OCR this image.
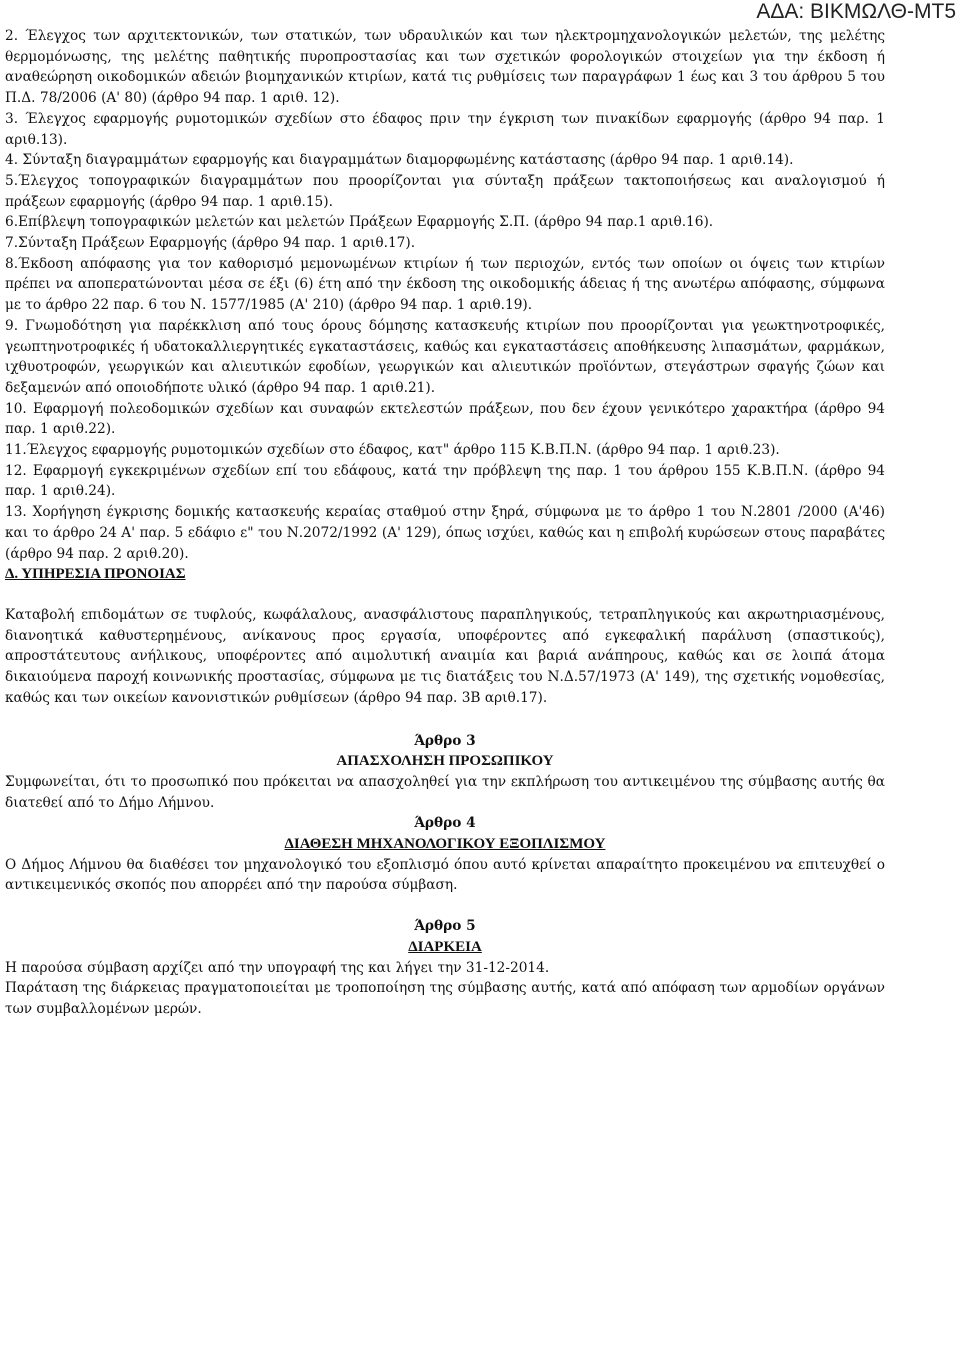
ΑΔΑ: ΒΙΚΜΩΛΘ-ΜΤ5

2. Έλεγχος των αρχιτεκτονικών, των στατικών, των υδραυλικών και των ηλεκτρομηχανολογικών μελετών, της μελέτης θερμομόνωσης, της μελέτης παθητικής πυροπροστασίας και των σχετικών φορολογικών στοιχείων για την έκδοση ή αναθεώρηση οικοδομικών αδειών βιομηχανικών κτιρίων, κατά τις ρυθμίσεις των παραγράφων 1 έως και 3 του άρθρου 5 του Π.Δ. 78/2006 (Α' 80) (άρθρο 94 παρ. 1 αριθ. 12).

3. Έλεγχος εφαρμογής ρυμοτομικών σχεδίων στο έδαφος πριν την έγκριση των πινακίδων εφαρμογής (άρθρο 94 παρ. 1 αριθ.13).

4. Σύνταξη διαγραμμάτων εφαρμογής και διαγραμμάτων διαμορφωμένης κατάστασης (άρθρο 94 παρ. 1 αριθ.14).

5.Έλεγχος τοπογραφικών διαγραμμάτων που προορίζονται για σύνταξη πράξεων τακτοποιήσεως και αναλογισμού ή πράξεων εφαρμογής (άρθρο 94 παρ. 1 αριθ.15).

6.Επίβλεψη τοπογραφικών μελετών και μελετών Πράξεων Εφαρμογής Σ.Π. (άρθρο 94 παρ.1 αριθ.16).

7.Σύνταξη Πράξεων Εφαρμογής (άρθρο 94 παρ. 1 αριθ.17).

8.Έκδοση απόφασης για τον καθορισμό μεμονωμένων κτιρίων ή των περιοχών, εντός των οποίων οι όψεις των κτιρίων πρέπει να αποπερατώνονται μέσα σε έξι (6) έτη από την έκδοση της οικοδομικής άδειας ή της ανωτέρω απόφασης, σύμφωνα με το άρθρο 22 παρ. 6 του Ν. 1577/1985 (Α' 210) (άρθρο 94 παρ. 1 αριθ.19).

9. Γνωμοδότηση για παρέκκλιση από τους όρους δόμησης κατασκευής κτιρίων που προορίζονται για γεωκτηνοτροφικές, γεωπτηνοτροφικές ή υδατοκαλλιεργητικές εγκαταστάσεις, καθώς και εγκαταστάσεις αποθήκευσης λιπασμάτων, φαρμάκων, ιχθυοτροφών, γεωργικών και αλιευτικών εφοδίων, γεωργικών και αλιευτικών προϊόντων, στεγάστρων σφαγής ζώων και δεξαμενών από οποιοδήποτε υλικό (άρθρο 94 παρ. 1 αριθ.21).

10. Εφαρμογή πολεοδομικών σχεδίων και συναφών εκτελεστών πράξεων, που δεν έχουν γενικότερο χαρακτήρα (άρθρο 94 παρ. 1 αριθ.22).

11.Έλεγχος εφαρμογής ρυμοτομικών σχεδίων στο έδαφος, κατ" άρθρο 115 Κ.Β.Π.Ν. (άρθρο 94 παρ. 1 αριθ.23).

12. Εφαρμογή εγκεκριμένων σχεδίων επί του εδάφους, κατά την πρόβλεψη της παρ. 1 του άρθρου 155 Κ.Β.Π.Ν. (άρθρο 94 παρ. 1 αριθ.24).

13. Χορήγηση έγκρισης δομικής κατασκευής κεραίας σταθμού στην ξηρά, σύμφωνα με το άρθρο 1 του Ν.2801 /2000 (Α'46) και το άρθρο 24 Α' παρ. 5 εδάφιο ε" του Ν.2072/1992 (Α' 129), όπως ισχύει, καθώς και η επιβολή κυρώσεων στους παραβάτες (άρθρο 94 παρ. 2 αριθ.20).

Δ. ΥΠΗΡΕΣΙΑ ΠΡΟΝΟΙΑΣ

Καταβολή επιδομάτων σε τυφλούς, κωφάλαλους, ανασφάλιστους παραπληγικούς, τετραπληγικούς και ακρωτηριασμένους, διανοητικά καθυστερημένους, ανίκανους προς εργασία, υποφέροντες από εγκεφαλική παράλυση (σπαστικούς), απροστάτευτους ανήλικους, υποφέροντες από αιμολυτική αναιμία και βαριά ανάπηρους, καθώς και σε λοιπά άτομα δικαιούμενα παροχή κοινωνικής προστασίας, σύμφωνα με τις διατάξεις του Ν.Δ.57/1973 (Α' 149), της σχετικής νομοθεσίας, καθώς και των οικείων κανονιστικών ρυθμίσεων (άρθρο 94 παρ. 3Β αριθ.17).

Άρθρο 3

ΑΠΑΣΧΟΛΗΣΗ ΠΡΟΣΩΠΙΚΟΥ

Συμφωνείται, ότι το προσωπικό που πρόκειται να απασχοληθεί για την εκπλήρωση του αντικειμένου της σύμβασης αυτής θα διατεθεί από το Δήμο Λήμνου.

Άρθρο 4

ΔΙΑΘΕΣΗ ΜΗΧΑΝΟΛΟΓΙΚΟΥ ΕΞΟΠΛΙΣΜΟΥ

Ο Δήμος Λήμνου θα διαθέσει τον μηχανολογικό του εξοπλισμό όπου αυτό κρίνεται απαραίτητο προκειμένου να επιτευχθεί ο αντικειμενικός σκοπός που απορρέει από την παρούσα σύμβαση.

Άρθρο 5

ΔΙΑΡΚΕΙΑ

Η παρούσα σύμβαση αρχίζει από την υπογραφή της και λήγει την 31-12-2014.

Παράταση της διάρκειας πραγματοποιείται με τροποποίηση της σύμβασης αυτής, κατά από απόφαση των αρμοδίων οργάνων των συμβαλλομένων μερών.
